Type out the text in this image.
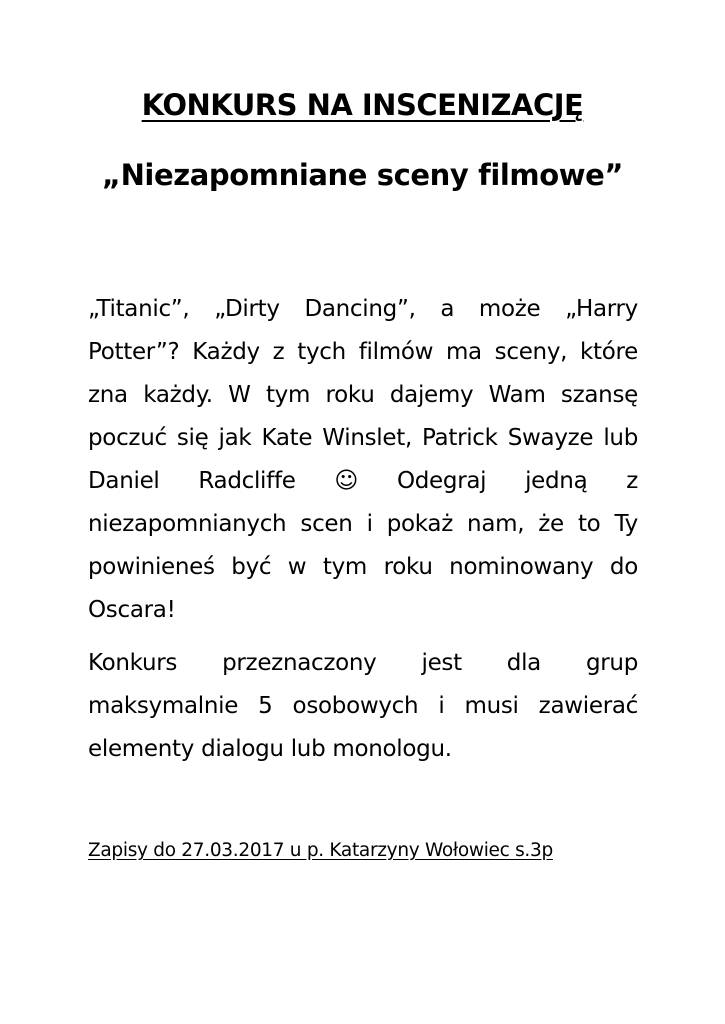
KONKURS NA INSCENIZACJĘ
„Niezapomniane sceny filmowe”

„Titanic”, „Dirty Dancing”, a może „Harry Potter”? Każdy z tych filmów ma sceny, które zna każdy. W tym roku dajemy Wam szansę poczuć się jak Kate Winslet, Patrick Swayze lub Daniel Radcliffe ☺ Odegraj jedną z niezapomnianych scen i pokaż nam, że to Ty powinieneś być w tym roku nominowany do Oscara!

Konkurs przeznaczony jest dla grup maksymalnie 5 osobowych i musi zawierać elementy dialogu lub monologu.

Zapisy do 27.03.2017 u p. Katarzyny Wołowiec s.3p
